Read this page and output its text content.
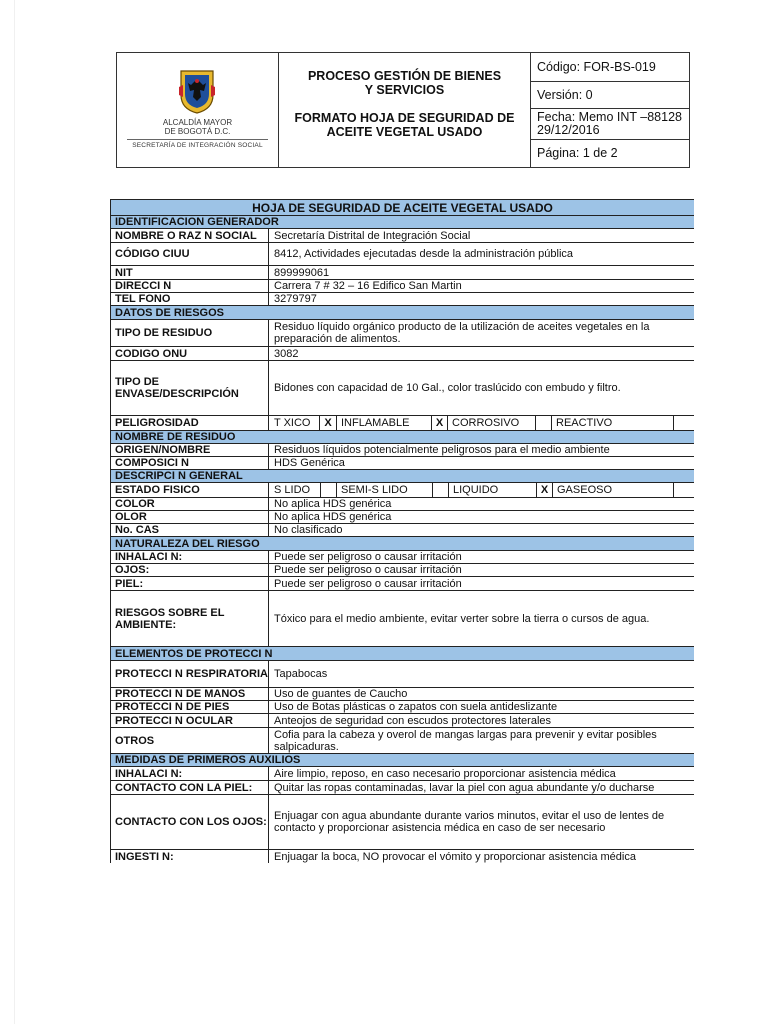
ALCALDÍA MAYOR
DE BOGOTÁ D.C.
SECRETARÍA DE INTEGRACIÓN SOCIAL
PROCESO GESTIÓN DE BIENES Y SERVICIOS
FORMATO HOJA DE SEGURIDAD DE ACEITE VEGETAL USADO
Código: FOR-BS-019
Versión: 0
Fecha: Memo INT –88128
29/12/2016
Página: 1 de 2
HOJA DE SEGURIDAD DE ACEITE VEGETAL USADO
IDENTIFICACION GENERADOR
NOMBRE O RAZ N SOCIAL	Secretaría Distrital de Integración Social
CÓDIGO CIUU	8412, Actividades ejecutadas desde la administración pública
NIT	899999061
DIRECCI N	Carrera 7 # 32 – 16 Edifico San Martin
TEL FONO	3279797
DATOS DE RIESGOS
TIPO DE RESIDUO	Residuo líquido orgánico producto de la utilización de aceites vegetales en la preparación de alimentos.
CODIGO ONU	3082
TIPO DE ENVASE/DESCRIPCIÓN	Bidones con capacidad de 10 Gal., color traslúcido con embudo y filtro.
PELIGROSIDAD	T XICO	X INFLAMABLE	X CORROSIVO	REACTIVO
NOMBRE DE RESIDUO
ORIGEN/NOMBRE	Residuos líquidos potencialmente peligrosos para el medio ambiente
COMPOSICI N	HDS Genérica
DESCRIPCI N GENERAL
ESTADO FISICO	S LIDO	SEMI-S LIDO	LIQUIDO	X GASEOSO
COLOR	No aplica HDS genérica
OLOR	No aplica HDS genérica
No. CAS	No clasificado
NATURALEZA DEL RIESGO
INHALACI N:	Puede ser peligroso o causar irritación
OJOS:	Puede ser peligroso o causar irritación
PIEL:	Puede ser peligroso o causar irritación
RIESGOS SOBRE EL AMBIENTE:	Tóxico para el medio ambiente, evitar verter sobre la tierra o cursos de agua.
ELEMENTOS DE PROTECCI N
PROTECCI N RESPIRATORIA Tapabocas
PROTECCI N DE MANOS	Uso de guantes de Caucho
PROTECCI N DE PIES	Uso de Botas plásticas o zapatos con suela antideslizante
PROTECCI N OCULAR	Anteojos de seguridad con escudos protectores laterales
OTROS	Cofia para la cabeza y overol de mangas largas para prevenir y evitar posibles salpicaduras.
MEDIDAS DE PRIMEROS AUXILIOS
INHALACI N:	Aire limpio, reposo, en caso necesario proporcionar asistencia médica
CONTACTO CON LA PIEL:	Quitar las ropas contaminadas, lavar la piel con agua abundante y/o ducharse
CONTACTO CON LOS OJOS: Enjuagar con agua abundante durante varios minutos, evitar el uso de lentes de contacto y proporcionar asistencia médica en caso de ser necesario
INGESTI N:	Enjuagar la boca, NO provocar el vómito y proporcionar asistencia médica
